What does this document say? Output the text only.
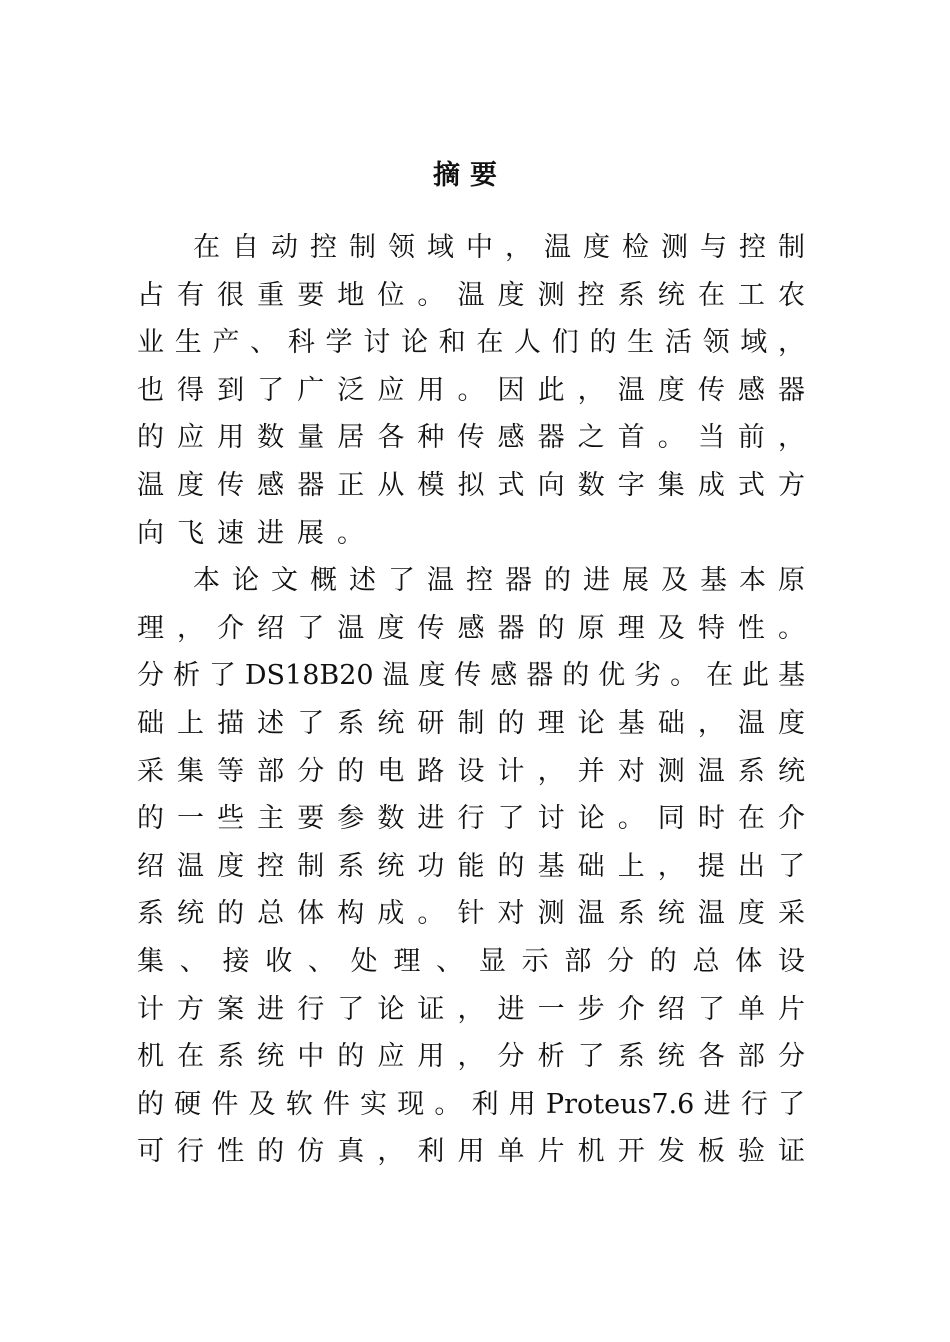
摘要
在 自 动 控 制 领 域 中 ， 温 度 检 测 与 控 制
占 有 很 重 要 地 位 。 温 度 测 控 系 统 在 工 农
业 生 产 、 科 学 讨 论 和 在 人 们 的 生 活 领 域 ，
也 得 到 了 广 泛 应 用 。 因 此 ， 温 度 传 感 器
的 应 用 数 量 居 各 种 传 感 器 之 首 。 当 前 ，
温 度 传 感 器 正 从 模 拟 式 向 数 字 集 成 式 方
向飞速进展。
本 论 文 概 述 了 温 控 器 的 进 展 及 基 本 原
理 ， 介 绍 了 温 度 传 感 器 的 原 理 及 特 性 。
分 析 了 DS18B20 温 度 传 感 器 的 优 劣 。 在 此 基
础 上 描 述 了 系 统 研 制 的 理 论 基 础 ， 温 度
采 集 等 部 分 的 电 路 设 计 ， 并 对 测 温 系 统
的 一 些 主 要 参 数 进 行 了 讨 论 。 同 时 在 介
绍 温 度 控 制 系 统 功 能 的 基 础 上 ， 提 出 了
系 统 的 总 体 构 成 。 针 对 测 温 系 统 温 度 采
集 、 接 收 、 处 理 、 显 示 部 分 的 总 体 设
计 方 案 进 行 了 论 证 ， 进 一 步 介 绍 了 单 片
机 在 系 统 中 的 应 用 ， 分 析 了 系 统 各 部 分
的 硬 件 及 软 件 实 现 。 利 用 Proteus7.6 进 行 了
可 行 性 的 仿 真 ， 利 用 单 片 机 开 发 板 验 证
